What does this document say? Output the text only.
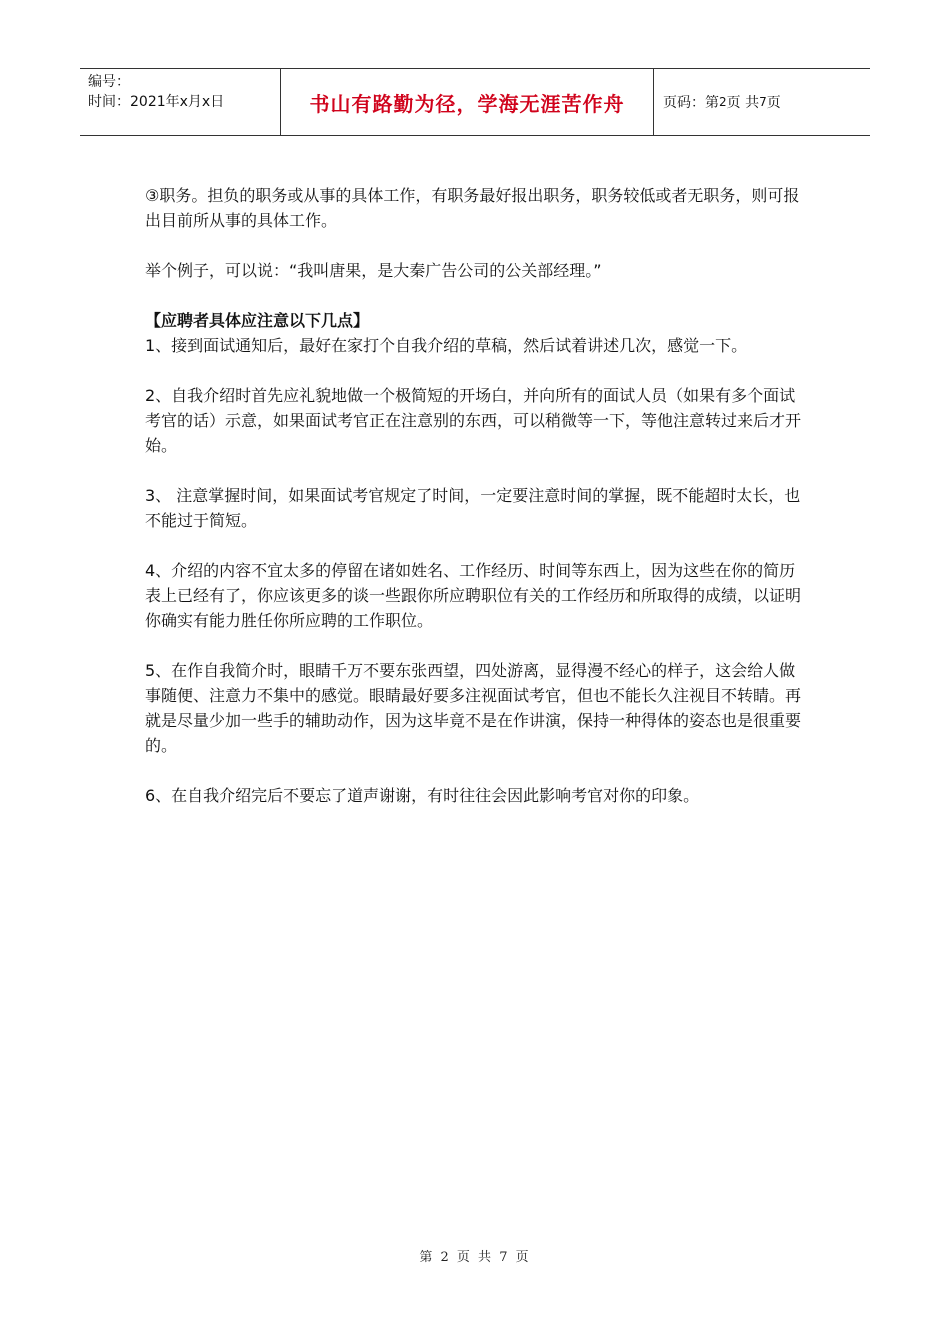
编号：
时间：2021年x月x日	书山有路勤为径，学海无涯苦作舟	页码：第 2 页 共 7 页

③职务。担负的职务或从事的具体工作，有职务最好报出职务，职务较低或者无职务，则可报出目前所从事的具体工作。

举个例子，可以说：“我叫唐果，是大秦广告公司的公关部经理。”

【应聘者具体应注意以下几点】

1、接到面试通知后，最好在家打个自我介绍的草稿，然后试着讲述几次，感觉一下。

2、自我介绍时首先应礼貌地做一个极简短的开场白，并向所有的面试人员（如果有多个面试考官的话）示意，如果面试考官正在注意别的东西，可以稍微等一下，等他注意转过来后才开始。

3、 注意掌握时间，如果面试考官规定了时间，一定要注意时间的掌握，既不能超时太长，也不能过于简短。

4、介绍的内容不宜太多的停留在诸如姓名、工作经历、时间等东西上，因为这些在你的简历表上已经有了，你应该更多的谈一些跟你所应聘职位有关的工作经历和所取得的成绩，以证明你确实有能力胜任你所应聘的工作职位。

5、在作自我简介时，眼睛千万不要东张西望，四处游离，显得漫不经心的样子，这会给人做事随便、注意力不集中的感觉。眼睛最好要多注视面试考官，但也不能长久注视目不转睛。再就是尽量少加一些手的辅助动作，因为这毕竟不是在作讲演，保持一种得体的姿态也是很重要的。

6、在自我介绍完后不要忘了道声谢谢，有时往往会因此影响考官对你的印象。

第 2 页 共 7 页
